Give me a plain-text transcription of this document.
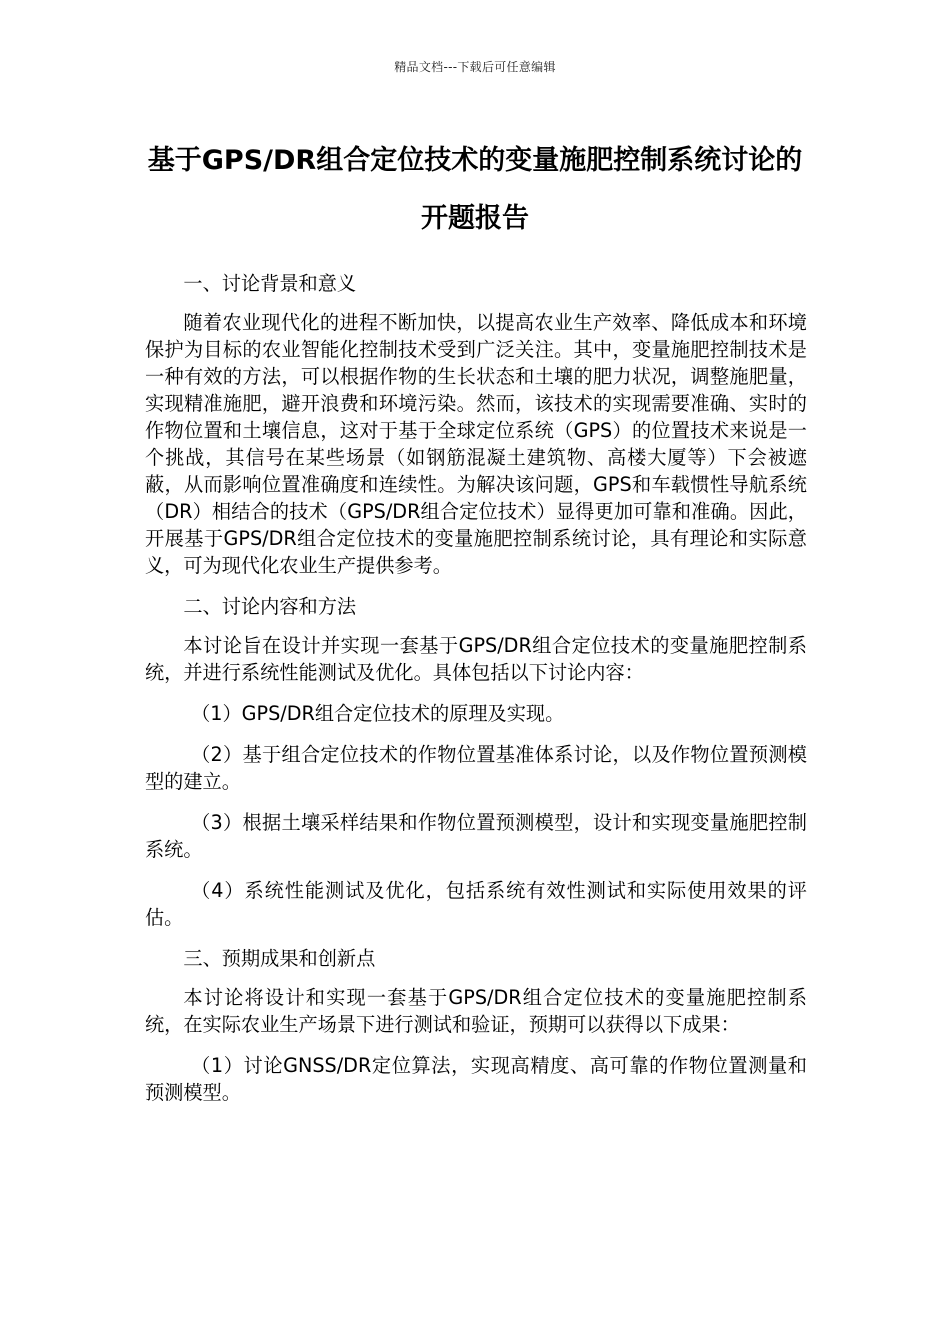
精品文档---下载后可任意编辑
基于GPS/DR组合定位技术的变量施肥控制系统讨论的开题报告

一、讨论背景和意义

随着农业现代化的进程不断加快，以提高农业生产效率、降低成本和环境保护为目标的农业智能化控制技术受到广泛关注。其中，变量施肥控制技术是一种有效的方法，可以根据作物的生长状态和土壤的肥力状况，调整施肥量，实现精准施肥，避开浪费和环境污染。然而，该技术的实现需要准确、实时的作物位置和土壤信息，这对于基于全球定位系统（GPS）的位置技术来说是一个挑战，其信号在某些场景（如钢筋混凝土建筑物、高楼大厦等）下会被遮蔽，从而影响位置准确度和连续性。为解决该问题，GPS和车载惯性导航系统（DR）相结合的技术（GPS/DR组合定位技术）显得更加可靠和准确。因此，开展基于GPS/DR组合定位技术的变量施肥控制系统讨论，具有理论和实际意义，可为现代化农业生产提供参考。

二、讨论内容和方法

本讨论旨在设计并实现一套基于GPS/DR组合定位技术的变量施肥控制系统，并进行系统性能测试及优化。具体包括以下讨论内容：

（1）GPS/DR组合定位技术的原理及实现。

（2）基于组合定位技术的作物位置基准体系讨论，以及作物位置预测模型的建立。

（3）根据土壤采样结果和作物位置预测模型，设计和实现变量施肥控制系统。

（4）系统性能测试及优化，包括系统有效性测试和实际使用效果的评估。

三、预期成果和创新点

本讨论将设计和实现一套基于GPS/DR组合定位技术的变量施肥控制系统，在实际农业生产场景下进行测试和验证，预期可以获得以下成果：

（1）讨论GNSS/DR定位算法，实现高精度、高可靠的作物位置测量和预测模型。
